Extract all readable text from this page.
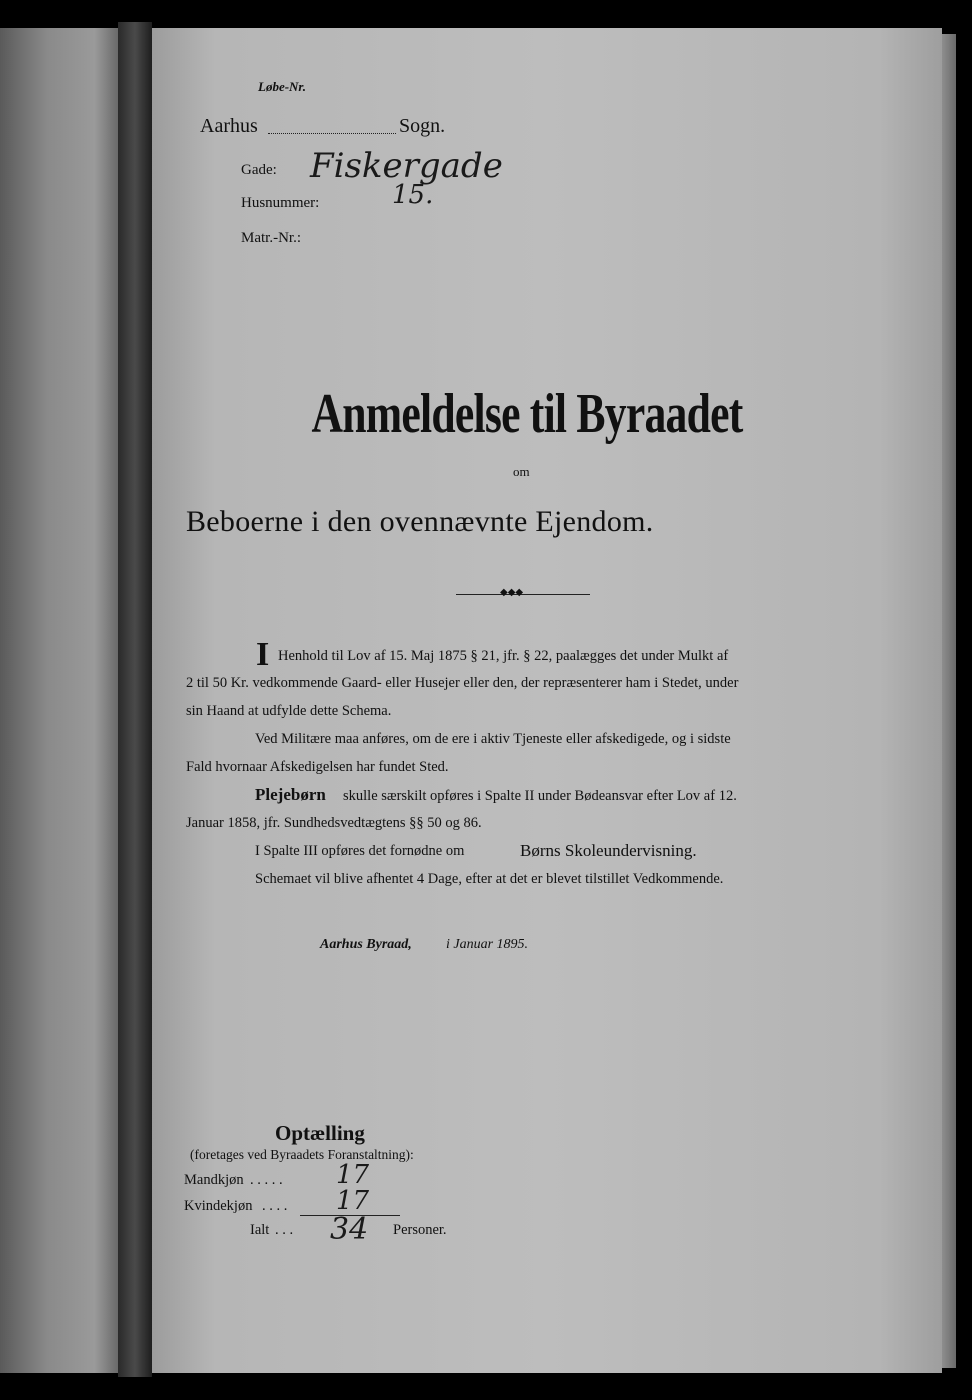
Løbe-Nr.
Aarhus	Sogn.
Gade: Fiskergade
Husnummer:	15.
Matr.-Nr.:
Anmeldelse til Byraadet
om
Beboerne i den ovennævnte Ejendom.
◆◆◆
I Henhold til Lov af 15. Maj 1875 § 21, jfr. § 22, paalægges det under Mulkt af
2 til 50 Kr. vedkommende Gaard- eller Husejer eller den, der repræsenterer ham i Stedet, under
sin Haand at udfylde dette Schema.
Ved Militære maa anføres, om de ere i aktiv Tjeneste eller afskedigede, og i sidste
Fald hvornaar Afskedigelsen har fundet Sted.
Plejebørn skulle særskilt opføres i Spalte II under Bødeansvar efter Lov af 12.
Januar 1858, jfr. Sundhedsvedtægtens §§ 50 og 86.
I Spalte III opføres det fornødne om	Børns Skoleundervisning.
Schemaet vil blive afhentet 4 Dage, efter at det er blevet tilstillet Vedkommende.
Aarhus Byraad, i Januar 1895.
Optælling
(foretages ved Byraadets Foranstaltning):
Mandkjøn . . . . . 17
Kvindekjøn . . . . 17
Ialt . . . 34 Personer.
